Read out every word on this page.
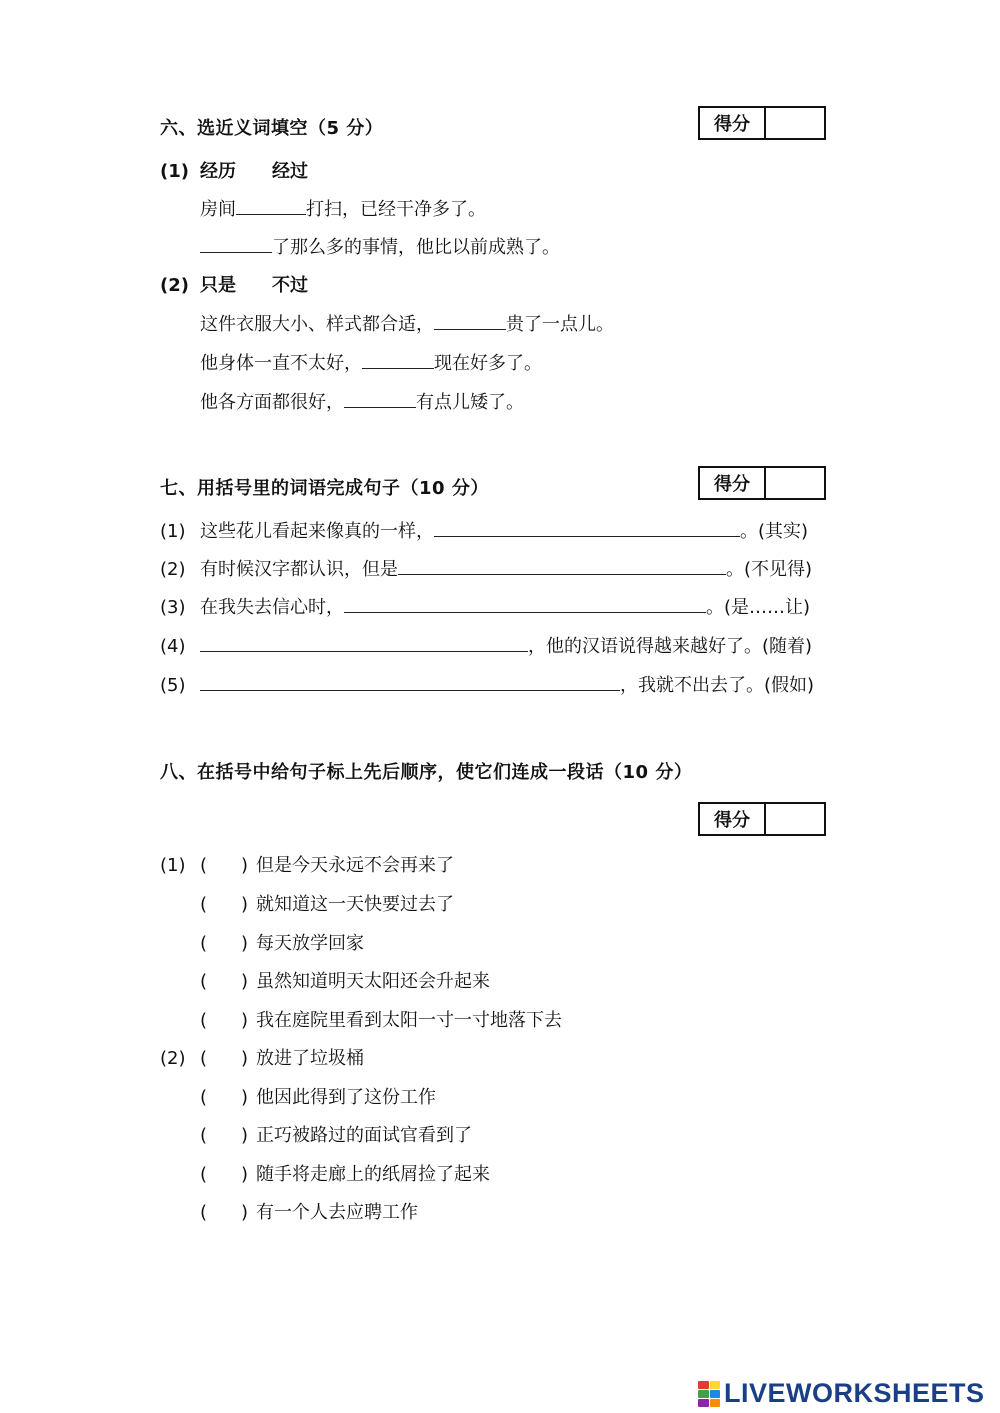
六、选近义词填空（5 分）	得分
(1) 经历 经过
房间	打扫，已经干净多了。
了那么多的事情，他比以前成熟了。
(2) 只是 不过
这件衣服大小、样式都合适，	贵了一点儿。
他身体一直不太好，	现在好多了。
他各方面都很好，	有点儿矮了。
七、用括号里的词语完成句子（10 分）	得分
(1) 这些花儿看起来像真的一样，	。(其实)
(2) 有时候汉字都认识，但是	。(不见得)
(3) 在我失去信心时，	。(是……让)
(4)	，他的汉语说得越来越好了。(随着)
(5)	，我就不出去了。(假如)
八、在括号中给句子标上先后顺序，使它们连成一段话（10 分）
得分
(1) ( ) 但是今天永远不会再来了
( ) 就知道这一天快要过去了
( ) 每天放学回家
( ) 虽然知道明天太阳还会升起来
( ) 我在庭院里看到太阳一寸一寸地落下去
(2) ( ) 放进了垃圾桶
( ) 他因此得到了这份工作
( ) 正巧被路过的面试官看到了
( ) 随手将走廊上的纸屑捡了起来
( ) 有一个人去应聘工作
LIVEWORKSHEETS
